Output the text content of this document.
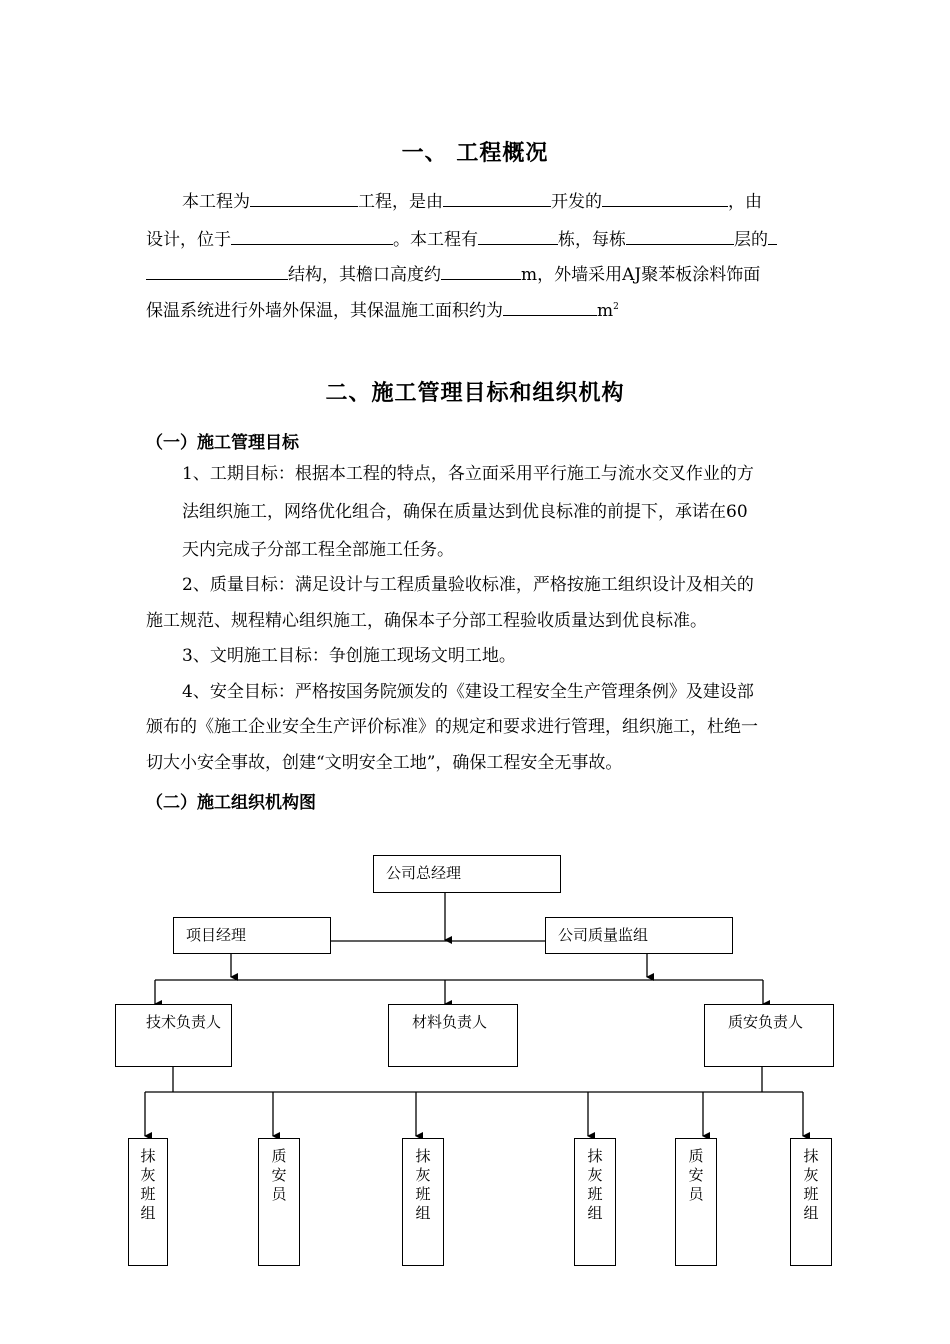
一、 工程概况
本工程为	工程，是由	开发的	，由
设计，位于	。本工程有	栋，每栋	层的
结构，其檐口高度约	m，外墙采用AJ聚苯板涂料饰面
保温系统进行外墙外保温，其保温施工面积约为	$m^2$
二、施工管理目标和组织机构
（一）施工管理目标
1、工期目标：根据本工程的特点，各立面采用平行施工与流水交叉作业的方
法组织施工，网络优化组合，确保在质量达到优良标准的前提下，承诺在60
天内完成子分部工程全部施工任务。
2、质量目标：满足设计与工程质量验收标准，严格按施工组织设计及相关的
施工规范、规程精心组织施工，确保本子分部工程验收质量达到优良标准。
3、文明施工目标：争创施工现场文明工地。
4、安全目标：严格按国务院颁发的《建设工程安全生产管理条例》及建设部
颁布的《施工企业安全生产评价标准》的规定和要求进行管理，组织施工，杜绝一
切大小安全事故，创建“文明安全工地”，确保工程安全无事故。
（二）施工组织机构图
公司总经理
项目经理	公司质量监组
技术负责人	材料负责人	质安负责人
抹
灰
班
组
质
安
员
抹
灰
班
组
抹
灰
班
组
质
安
员
抹
灰
班
组
